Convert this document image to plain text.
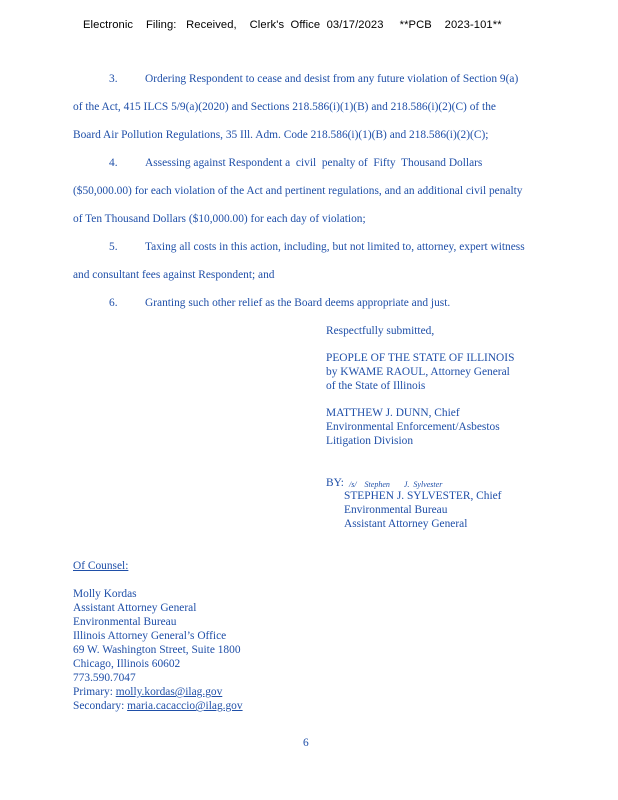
Electronic    Filing:   Received,    Clerk's  Office  03/17/2023     **PCB    2023-101**
3. Ordering Respondent to cease and desist from any future violation of Section 9(a)
of the Act, 415 ILCS 5/9(a)(2020) and Sections 218.586(i)(1)(B) and 218.586(i)(2)(C) of the
Board Air Pollution Regulations, 35 Ill. Adm. Code 218.586(i)(1)(B) and 218.586(i)(2)(C);
4. Assessing against Respondent a  civil  penalty of  Fifty  Thousand Dollars
($50,000.00) for each violation of the Act and pertinent regulations, and an additional civil penalty
of Ten Thousand Dollars ($10,000.00) for each day of violation;
5. Taxing all costs in this action, including, but not limited to, attorney, expert witness
and consultant fees against Respondent; and
6. Granting such other relief as the Board deems appropriate and just.
Respectfully submitted,
PEOPLE OF THE STATE OF ILLINOIS
by KWAME RAOUL, Attorney General
of the State of Illinois
MATTHEW J. DUNN, Chief
Environmental Enforcement/Asbestos
Litigation Division
BY: /s/    Stephen       J.  Sylvester
STEPHEN J. SYLVESTER, Chief
Environmental Bureau
Assistant Attorney General
Of Counsel:
Molly Kordas
Assistant Attorney General
Environmental Bureau
Illinois Attorney General’s Office
69 W. Washington Street, Suite 1800
Chicago, Illinois 60602
773.590.7047
Primary: molly.kordas@ilag.gov
Secondary: maria.cacaccio@ilag.gov
6
